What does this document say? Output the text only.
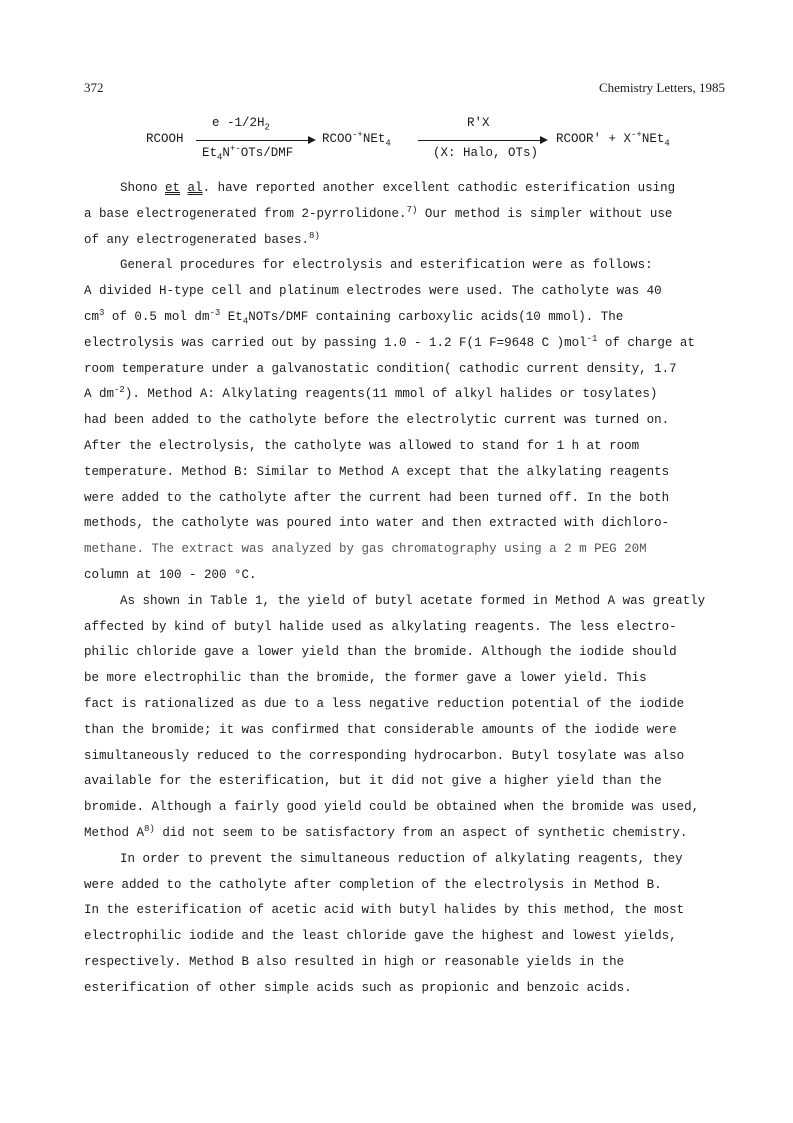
372	Chemistry Letters, 1985
RCOOH
e $-1/2H_2$
$Et_4N^{+-}OTs$/DMF
RCOO-+NEt$_4$
R'X
(X: Halo, OTs)
RCOOR' + X-+NEt$_4$
Shono et al. have reported another excellent cathodic esterification using
a base electrogenerated from 2-pyrrolidone.$^{7)}$ Our method is simpler without use
of any electrogenerated bases.$^{8)}$
General procedures for electrolysis and esterification were as follows:
A divided H-type cell and platinum electrodes were used. The catholyte was 40
$cm^3$ of 0.5 mol $dm^{-3}$ $Et_4NOTs$/DMF containing carboxylic acids(10 mmol). The
electrolysis was carried out by passing 1.0 - 1.2 F(1 F=9648 C )mol$^{-1}$ of charge at
room temperature under a galvanostatic condition( cathodic current density, 1.7
A $dm^{-2}$). Method A: Alkylating reagents(11 mmol of alkyl halides or tosylates)
had been added to the catholyte before the electrolytic current was turned on.
After the electrolysis, the catholyte was allowed to stand for 1 h at room
temperature. Method B: Similar to Method A except that the alkylating reagents
were added to the catholyte after the current had been turned off. In the both
methods, the catholyte was poured into water and then extracted with dichloro-
methane. The extract was analyzed by gas chromatography using a 2 m PEG 20M
column at 100 - 200 °C.
As shown in Table 1, the yield of butyl acetate formed in Method A was greatly
affected by kind of butyl halide used as alkylating reagents. The less electro-
philic chloride gave a lower yield than the bromide. Although the iodide should
be more electrophilic than the bromide, the former gave a lower yield. This
fact is rationalized as due to a less negative reduction potential of the iodide
than the bromide; it was confirmed that considerable amounts of the iodide were
simultaneously reduced to the corresponding hydrocarbon. Butyl tosylate was also
available for the esterification, but it did not give a higher yield than the
bromide. Although a fairly good yield could be obtained when the bromide was used,
Method $A^{8)}$ did not seem to be satisfactory from an aspect of synthetic chemistry.
In order to prevent the simultaneous reduction of alkylating reagents, they
were added to the catholyte after completion of the electrolysis in Method B.
In the esterification of acetic acid with butyl halides by this method, the most
electrophilic iodide and the least chloride gave the highest and lowest yields,
respectively. Method B also resulted in high or reasonable yields in the
esterification of other simple acids such as propionic and benzoic acids.
